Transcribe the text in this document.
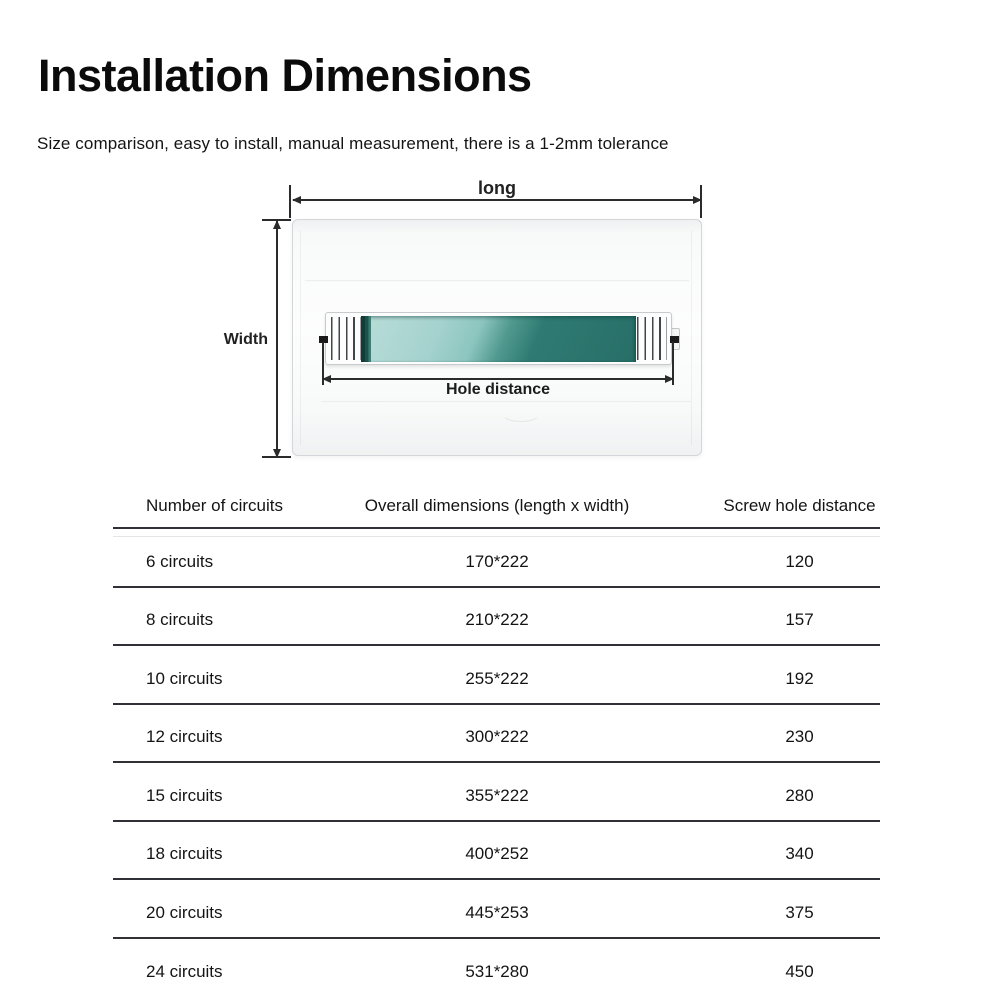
Installation Dimensions

Size comparison, easy to install, manual measurement, there is a 1-2mm tolerance

long
Width
Hole distance
Number of circuits	Overall dimensions (length x width)	Screw hole distance
6 circuits	170*222	120
8 circuits	210*222	157
10 circuits	255*222	192
12 circuits	300*222	230
15 circuits	355*222	280
18 circuits	400*252	340
20 circuits	445*253	375
24 circuits	531*280	450
